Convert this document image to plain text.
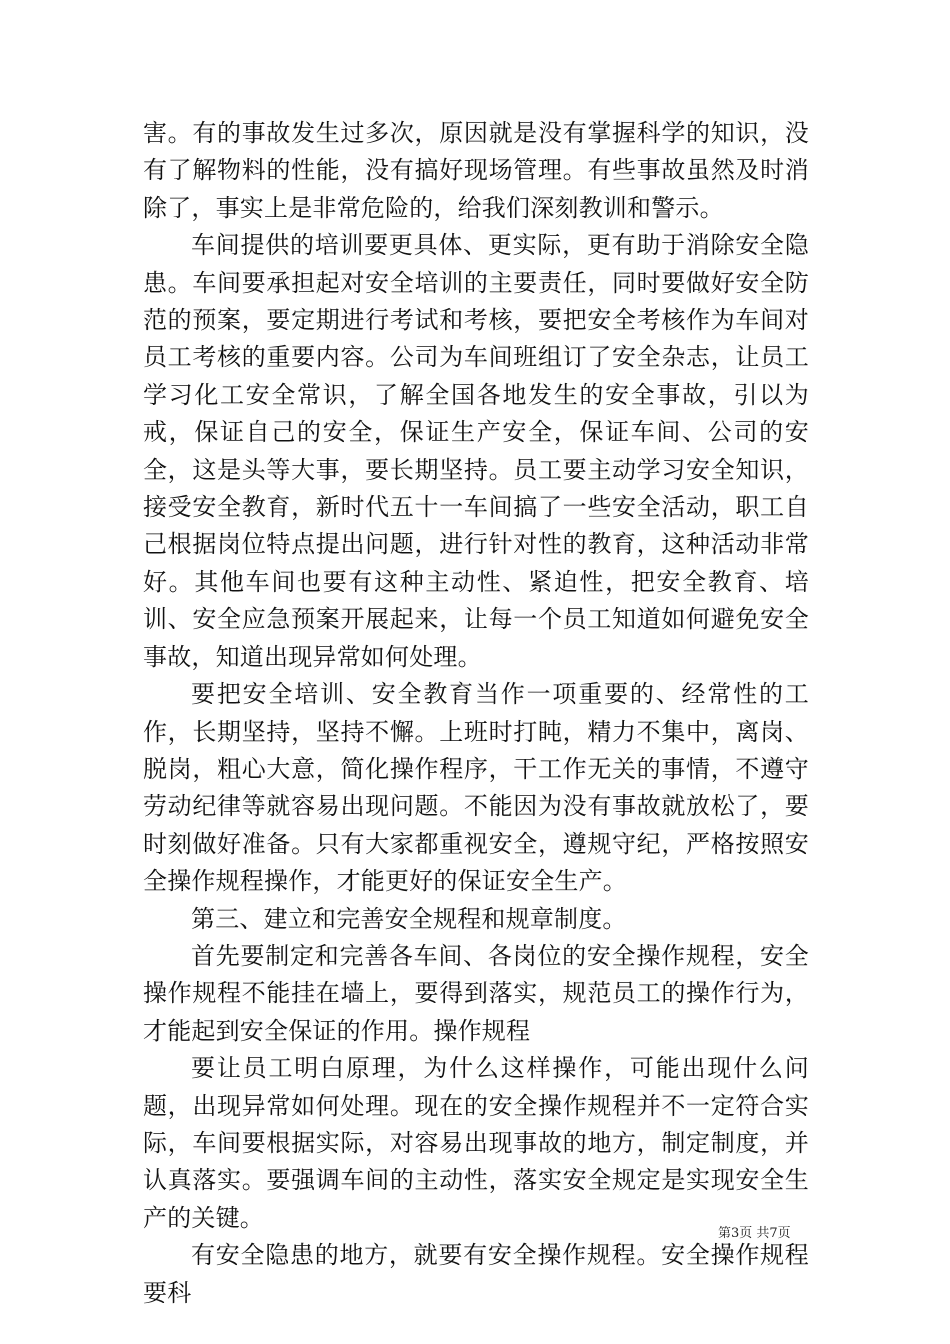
害。有的事故发生过多次，原因就是没有掌握科学的知识，没有了解物料的性能，没有搞好现场管理。有些事故虽然及时消除了，事实上是非常危险的，给我们深刻教训和警示。

车间提供的培训要更具体、更实际，更有助于消除安全隐患。车间要承担起对安全培训的主要责任，同时要做好安全防范的预案，要定期进行考试和考核，要把安全考核作为车间对员工考核的重要内容。公司为车间班组订了安全杂志，让员工学习化工安全常识，了解全国各地发生的安全事故，引以为戒，保证自己的安全，保证生产安全，保证车间、公司的安全，这是头等大事，要长期坚持。员工要主动学习安全知识，接受安全教育，新时代五十一车间搞了一些安全活动，职工自己根据岗位特点提出问题，进行针对性的教育，这种活动非常好。其他车间也要有这种主动性、紧迫性，把安全教育、培训、安全应急预案开展起来，让每一个员工知道如何避免安全事故，知道出现异常如何处理。

要把安全培训、安全教育当作一项重要的、经常性的工作，长期坚持，坚持不懈。上班时打盹，精力不集中，离岗、脱岗，粗心大意，简化操作程序，干工作无关的事情，不遵守劳动纪律等就容易出现问题。不能因为没有事故就放松了，要时刻做好准备。只有大家都重视安全，遵规守纪，严格按照安全操作规程操作，才能更好的保证安全生产。

第三、建立和完善安全规程和规章制度。

首先要制定和完善各车间、各岗位的安全操作规程，安全操作规程不能挂在墙上，要得到落实，规范员工的操作行为，才能起到安全保证的作用。操作规程

要让员工明白原理，为什么这样操作，可能出现什么问题，出现异常如何处理。现在的安全操作规程并不一定符合实际，车间要根据实际，对容易出现事故的地方，制定制度，并认真落实。要强调车间的主动性，落实安全规定是实现安全生产的关键。

有安全隐患的地方，就要有安全操作规程。安全操作规程要科

第3页 共7页
